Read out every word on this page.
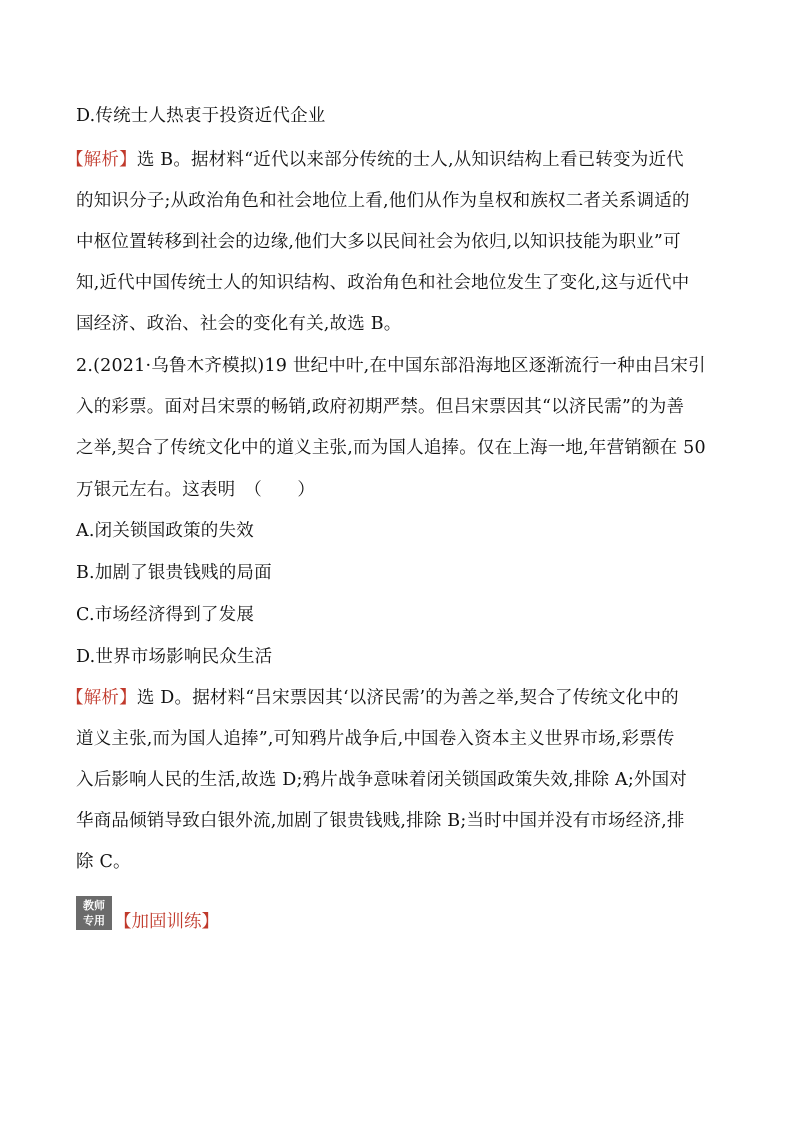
D.传统士人热衷于投资近代企业
【解析】选 B。据材料“近代以来部分传统的士人,从知识结构上看已转变为近代
的知识分子;从政治角色和社会地位上看,他们从作为皇权和族权二者关系调适的
中枢位置转移到社会的边缘,他们大多以民间社会为依归,以知识技能为职业”可
知,近代中国传统士人的知识结构、政治角色和社会地位发生了变化,这与近代中
国经济、政治、社会的变化有关,故选 B。
2.(2021·乌鲁木齐模拟)19 世纪中叶,在中国东部沿海地区逐渐流行一种由吕宋引
入的彩票。面对吕宋票的畅销,政府初期严禁。但吕宋票因其“以济民需”的为善
之举,契合了传统文化中的道义主张,而为国人追捧。仅在上海一地,年营销额在 50
万银元左右。这表明　（　　）
A.闭关锁国政策的失效
B.加剧了银贵钱贱的局面
C.市场经济得到了发展
D.世界市场影响民众生活
【解析】选 D。据材料“吕宋票因其‘以济民需’的为善之举,契合了传统文化中的
道义主张,而为国人追捧”,可知鸦片战争后,中国卷入资本主义世界市场,彩票传
入后影响人民的生活,故选 D;鸦片战争意味着闭关锁国政策失效,排除 A;外国对
华商品倾销导致白银外流,加剧了银贵钱贱,排除 B;当时中国并没有市场经济,排
除 C。
教师
专用 【加固训练】
